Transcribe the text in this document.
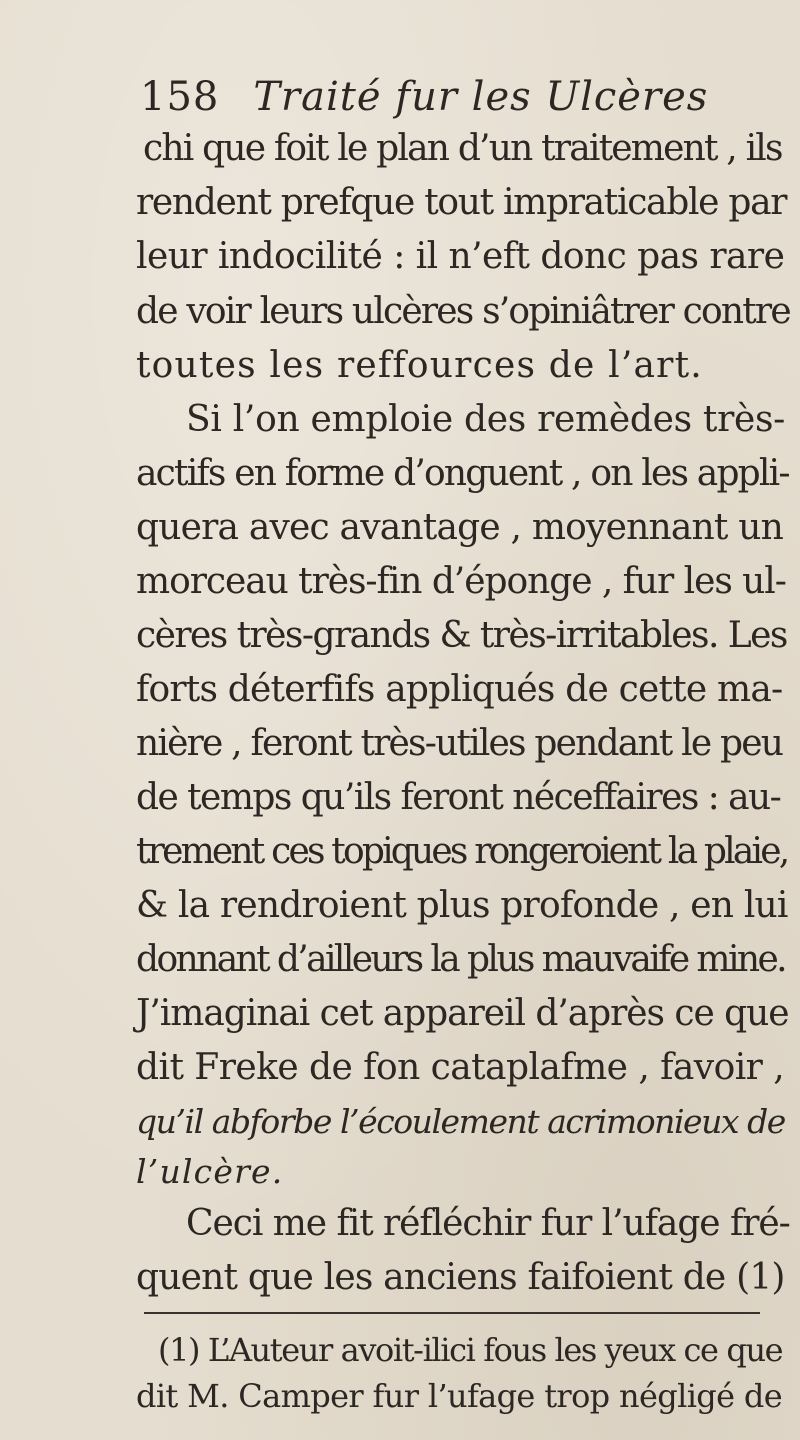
158 Traité fur les Ulcères
chi que foit le plan d’un traitement , ils
rendent prefque tout impraticable par
leur indocilité : il n’eft donc pas rare
de voir leurs ulcères s’opiniâtrer contre
toutes les reffources de l’art.
Si l’on emploie des remèdes très-
actifs en forme d’onguent , on les appli-
quera avec avantage , moyennant un
morceau très-fin d’éponge , fur les ul-
cères très-grands & très-irritables. Les
forts déterfifs appliqués de cette ma-
nière , feront très-utiles pendant le peu
de temps qu’ils feront néceffaires : au-
trement ces topiques rongeroient la plaie,
& la rendroient plus profonde , en lui
donnant d’ailleurs la plus mauvaife mine.
J’imaginai cet appareil d’après ce que
dit Freke de fon cataplafme , favoir ,
qu’il abforbe l’écoulement acrimonieux de
l’ulcère.
Ceci me fit réfléchir fur l’ufage fré-
quent que les anciens faifoient de (1)
(1) L’Auteur avoit-ilici fous les yeux ce que
dit M. Camper fur l’ufage trop négligé de
